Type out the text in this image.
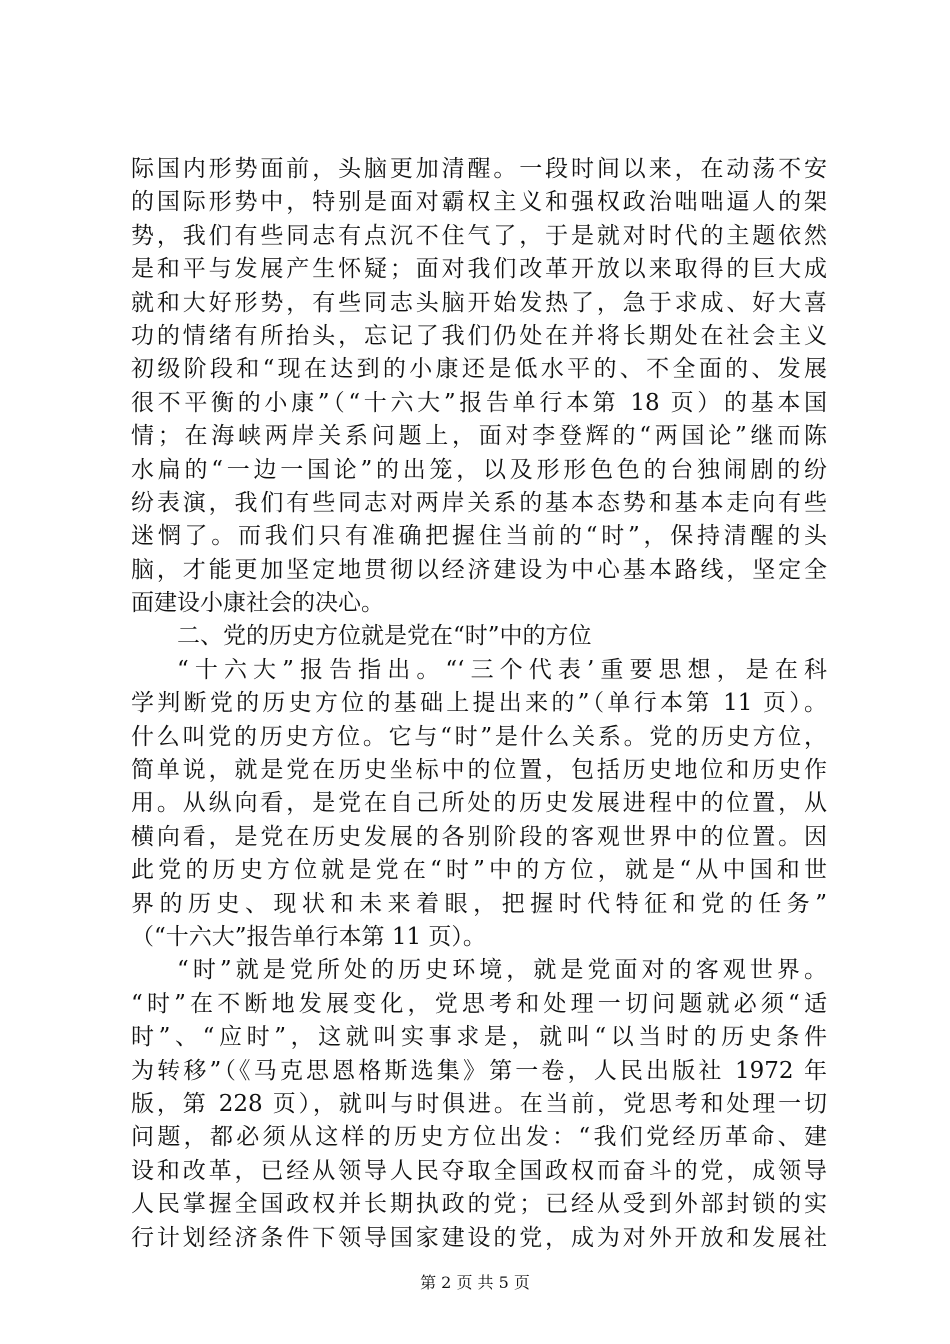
际国内形势面前，头脑更加清醒。一段时间以来，在动荡不安
的国际形势中，特别是面对霸权主义和强权政治咄咄逼人的架
势，我们有些同志有点沉不住气了，于是就对时代的主题依然
是和平与发展产生怀疑；面对我们改革开放以来取得的巨大成
就和大好形势，有些同志头脑开始发热了，急于求成、好大喜
功的情绪有所抬头，忘记了我们仍处在并将长期处在社会主义
初级阶段和“现在达到的小康还是低水平的、不全面的、发展
很不平衡的小康”（“十六大”报告单行本第 18 页）的基本国
情；在海峡两岸关系问题上，面对李登辉的“两国论”继而陈
水扁的“一边一国论”的出笼，以及形形色色的台独闹剧的纷
纷表演，我们有些同志对两岸关系的基本态势和基本走向有些
迷惘了。而我们只有准确把握住当前的“时”，保持清醒的头
脑，才能更加坚定地贯彻以经济建设为中心基本路线，坚定全
面建设小康社会的决心。
二、党的历史方位就是党在“时”中的方位
“十六大”报告指出。“‘三个代表’重要思想，是在科
学判断党的历史方位的基础上提出来的”（单行本第 11 页）。
什么叫党的历史方位。它与“时”是什么关系。党的历史方位，
简单说，就是党在历史坐标中的位置，包括历史地位和历史作
用。从纵向看，是党在自己所处的历史发展进程中的位置，从
横向看，是党在历史发展的各别阶段的客观世界中的位置。因
此党的历史方位就是党在“时”中的方位，就是“从中国和世
界的历史、现状和未来着眼，把握时代特征和党的任务”
（“十六大”报告单行本第 11 页）。
“时”就是党所处的历史环境，就是党面对的客观世界。
“时”在不断地发展变化，党思考和处理一切问题就必须“适
时”、“应时”，这就叫实事求是，就叫“以当时的历史条件
为转移”（《马克思恩格斯选集》第一卷，人民出版社 1972 年
版，第 228 页），就叫与时俱进。在当前，党思考和处理一切
问题，都必须从这样的历史方位出发：“我们党经历革命、建
设和改革，已经从领导人民夺取全国政权而奋斗的党，成领导
人民掌握全国政权并长期执政的党；已经从受到外部封锁的实
行计划经济条件下领导国家建设的党，成为对外开放和发展社
第 2 页 共 5 页
